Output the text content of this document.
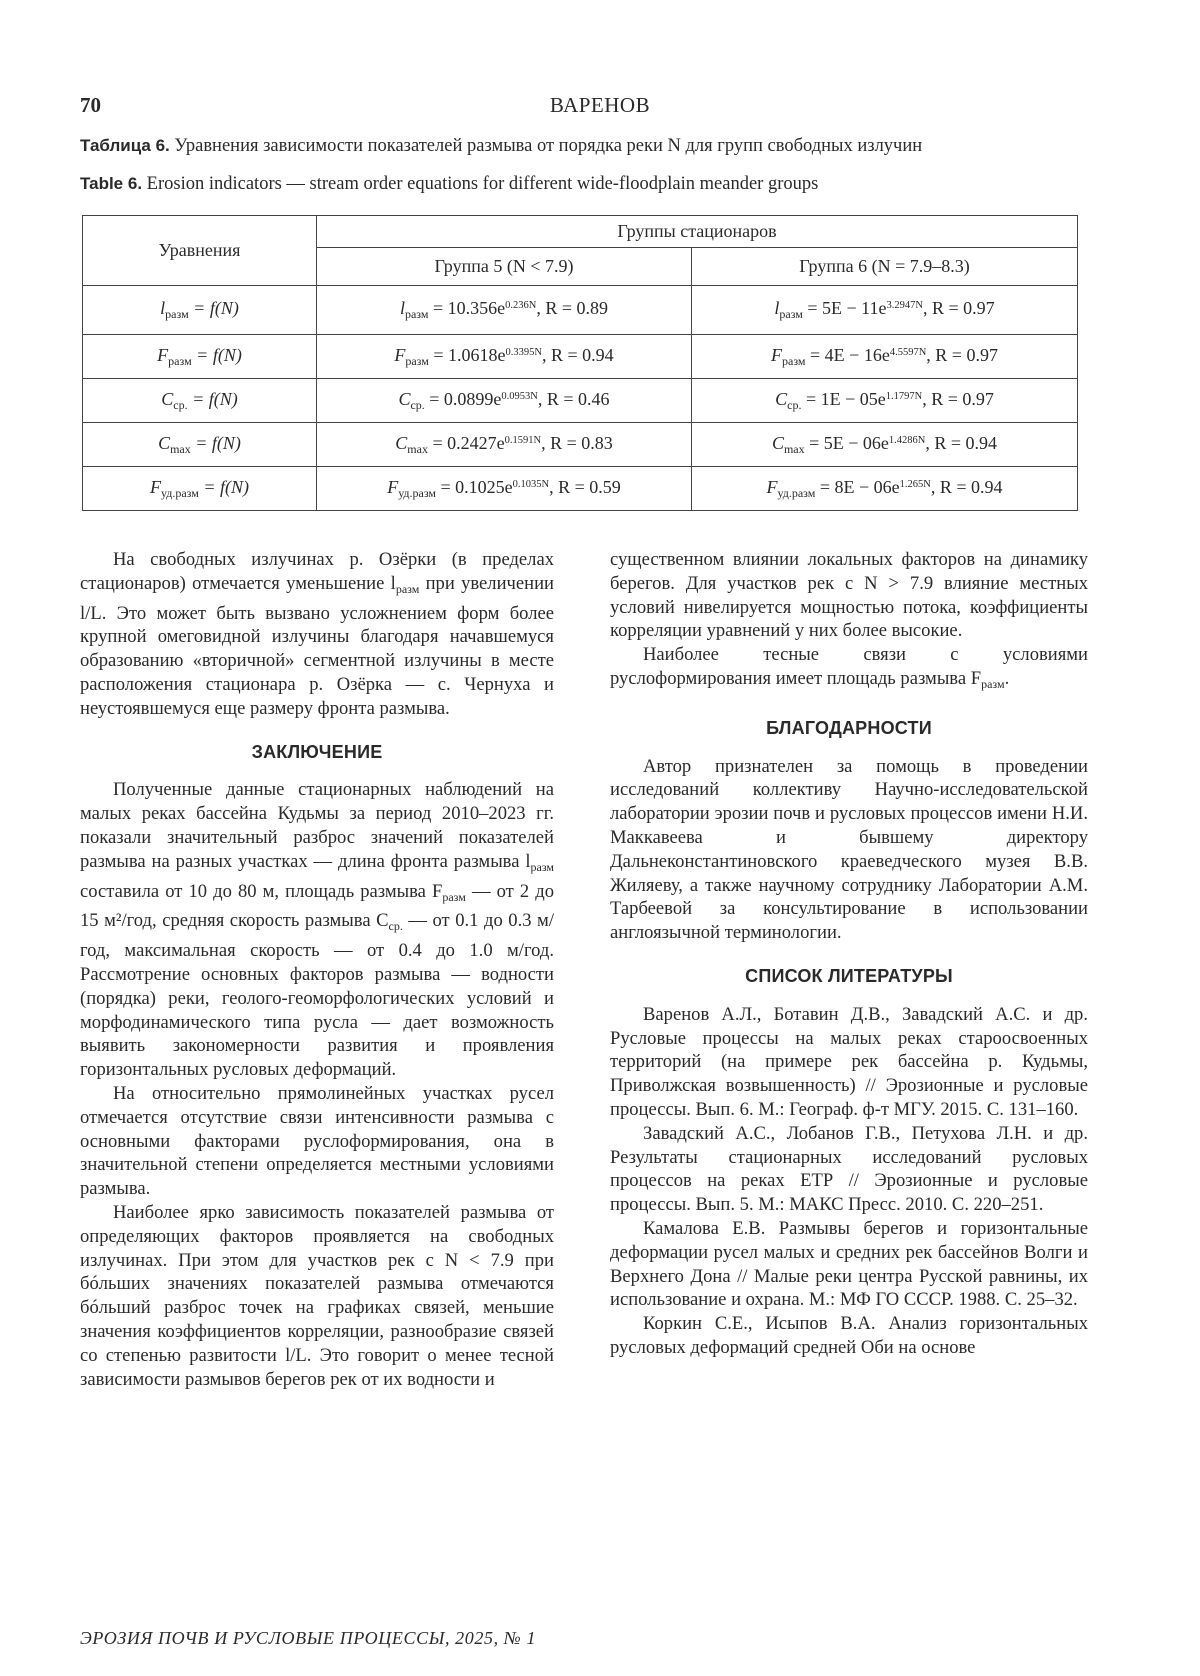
70	ВАРЕНОВ
Таблица 6. Уравнения зависимости показателей размыва от порядка реки N для групп свободных излучин
Table 6. Erosion indicators — stream order equations for different wide-floodplain meander groups
Уравнения	Группы стационаров	
	Группа 5 (N < 7.9)	Группа 6 (N = 7.9–8.3)
$l_{разм} = f(N)$	$l_{разм} = 10.356e^{0.236N}$, R = 0.89	$l_{разм} = 5E - 11e^{3.2947N}$, R = 0.97
$F_{разм} = f(N)$	$F_{разм} = 1.0618e^{0.3395N}$, R = 0.94	$F_{разм} = 4E - 16e^{4.5597N}$, R = 0.97
$C_{ср.} = f(N)$	$C_{ср.} = 0.0899e^{0.0953N}$, R = 0.46	$C_{ср.} = 1E - 05e^{1.1797N}$, R = 0.97
$C_{max} = f(N)$	$C_{max} = 0.2427e^{0.1591N}$, R = 0.83	$C_{max} = 5E - 06e^{1.4286N}$, R = 0.94
$F_{уд.разм} = f(N)$	$F_{уд.разм} = 0.1025e^{0.1035N}$, R = 0.59	$F_{уд.разм} = 8E - 06e^{1.265N}$, R = 0.94

На свободных излучинах р. Озёрки (в пределах стационаров) отмечается уменьшение $l_{разм}$ при увеличении l/L. Это может быть вызвано усложнением форм более крупной омеговидной излучины благодаря начавшемуся образованию «вторичной» сегментной излучины в месте расположения стационара р. Озёрка — с. Чернуха и неустоявшемуся еще размеру фронта размыва.

ЗАКЛЮЧЕНИЕ

Полученные данные стационарных наблюдений на малых реках бассейна Кудьмы за период 2010–2023 гг. показали значительный разброс значений показателей размыва на разных участках — длина фронта размыва $l_{разм}$ составила от 10 до 80 м, площадь размыва $F_{разм}$ — от 2 до 15 м²/год, средняя скорость размыва $C_{ср.}$ — от 0.1 до 0.3 м/год, максимальная скорость — от 0.4 до 1.0 м/год. Рассмотрение основных факторов размыва — водности (порядка) реки, геолого-геоморфологических условий и морфодинамического типа русла — дает возможность выявить закономерности развития и проявления горизонтальных русловых деформаций.

На относительно прямолинейных участках русел отмечается отсутствие связи интенсивности размыва с основными факторами руслоформирования, она в значительной степени определяется местными условиями размыва.

Наиболее ярко зависимость показателей размыва от определяющих факторов проявляется на свободных излучинах. При этом для участков рек с N < 7.9 при бóльших значениях показателей размыва отмечаются бóльший разброс точек на графиках связей, меньшие значения коэффициентов корреляции, разнообразие связей со степенью развитости l/L. Это говорит о менее тесной зависимости размывов берегов рек от их водности и

существенном влиянии локальных факторов на динамику берегов. Для участков рек с N > 7.9 влияние местных условий нивелируется мощностью потока, коэффициенты корреляции уравнений у них более высокие.

Наиболее тесные связи с условиями руслоформирования имеет площадь размыва $F_{разм}$.

БЛАГОДАРНОСТИ

Автор признателен за помощь в проведении исследований коллективу Научно-исследовательской лаборатории эрозии почв и русловых процессов имени Н.И. Маккавеева и бывшему директору Дальнеконстантиновского краеведческого музея В.В. Жиляеву, а также научному сотруднику Лаборатории А.М. Тарбеевой за консультирование в использовании англоязычной терминологии.

СПИСОК ЛИТЕРАТУРЫ

Варенов А.Л., Ботавин Д.В., Завадский А.С. и др. Русловые процессы на малых реках староосвоенных территорий (на примере рек бассейна р. Кудьмы, Приволжская возвышенность) // Эрозионные и русловые процессы. Вып. 6. М.: Географ. ф-т МГУ. 2015. С. 131–160.

Завадский А.С., Лобанов Г.В., Петухова Л.Н. и др. Результаты стационарных исследований русловых процессов на реках ЕТР // Эрозионные и русловые процессы. Вып. 5. М.: МАКС Пресс. 2010. С. 220–251.

Камалова Е.В. Размывы берегов и горизонтальные деформации русел малых и средних рек бассейнов Волги и Верхнего Дона // Малые реки центра Русской равнины, их использование и охрана. М.: МФ ГО СССР. 1988. С. 25–32.

Коркин С.Е., Исыпов В.А. Анализ горизонтальных русловых деформаций средней Оби на основе

ЭРОЗИЯ ПОЧВ И РУСЛОВЫЕ ПРОЦЕССЫ, 2025, № 1
